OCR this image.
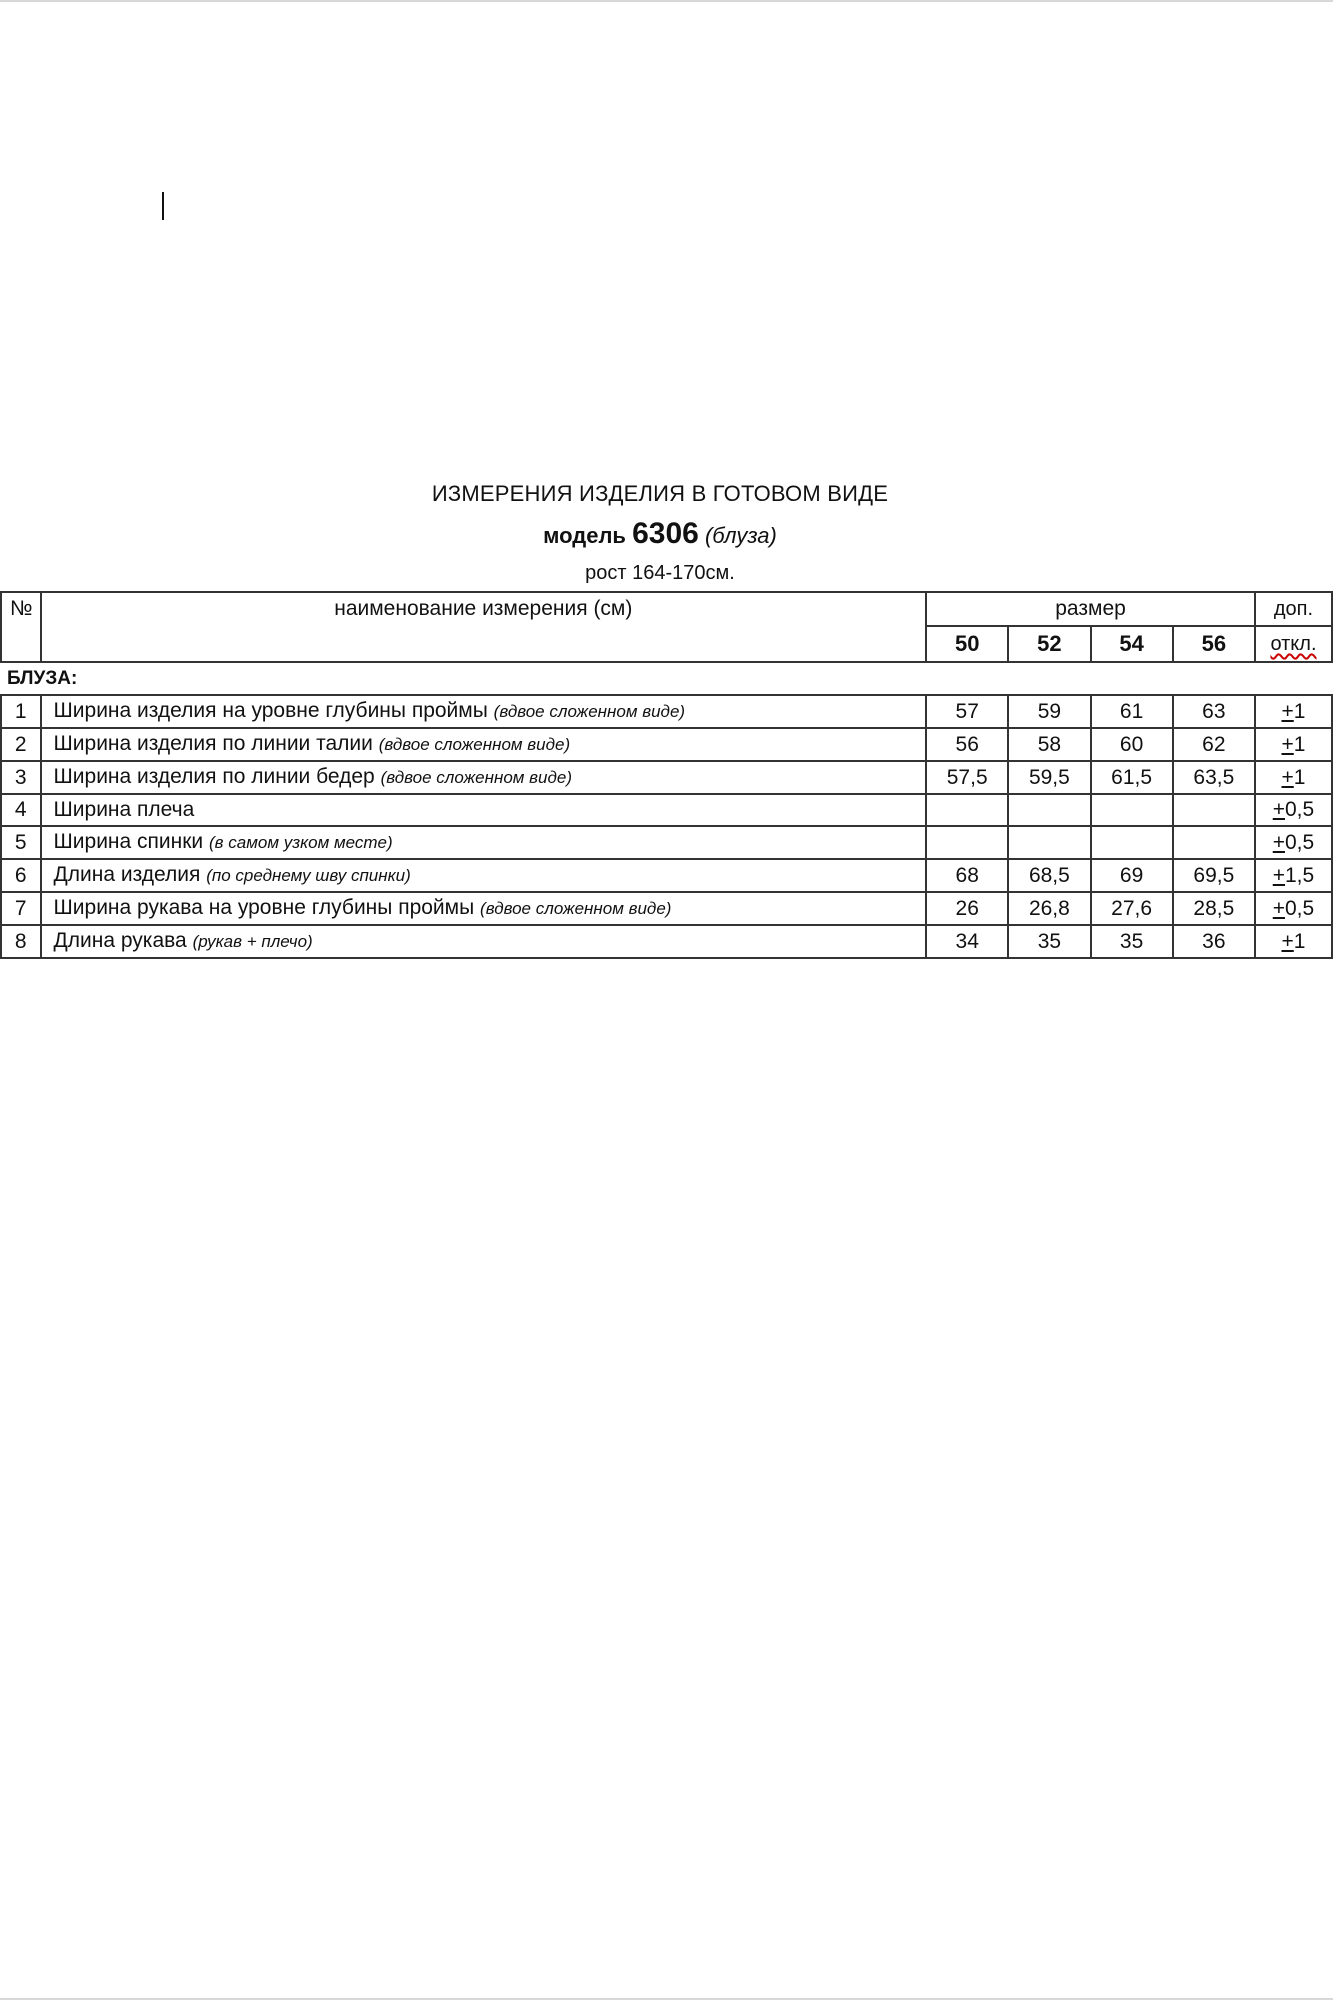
ИЗМЕРЕНИЯ ИЗДЕЛИЯ В ГОТОВОМ ВИДЕ
модель 6306 (блуза)
рост 164-170см.
№	наименование измерения (см)	размер				доп.
		50	52	54	56	откл.
БЛУЗА:						
1	Ширина изделия на уровне глубины проймы (вдвое сложенном виде)	57	59	61	63	+1
2	Ширина изделия по линии талии (вдвое сложенном виде)	56	58	60	62	+1
3	Ширина изделия по линии бедер (вдвое сложенном виде)	57,5	59,5	61,5	63,5	+1
4	Ширина плеча					+0,5
5	Ширина спинки (в самом узком месте)					+0,5
6	Длина изделия (по среднему шву спинки)	68	68,5	69	69,5	+1,5
7	Ширина рукава на уровне глубины проймы (вдвое сложенном виде)	26	26,8	27,6	28,5	+0,5
8	Длина рукава (рукав + плечо)	34	35	35	36	+1
